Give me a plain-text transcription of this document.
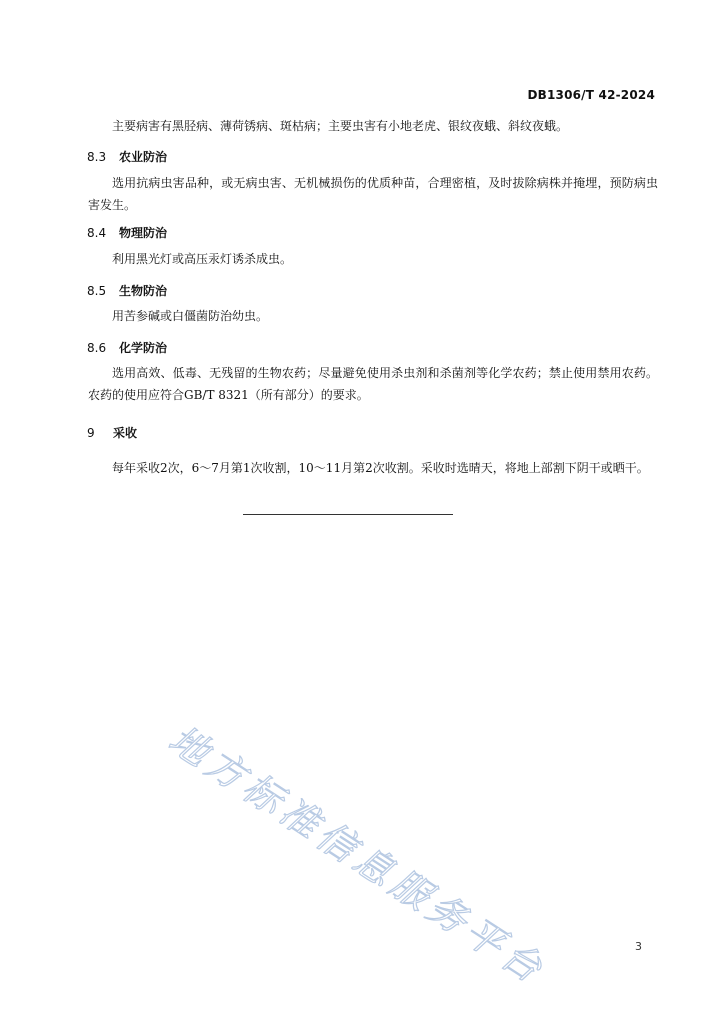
DB1306/T 42-2024

主要病害有黑胫病、薄荷锈病、斑枯病；主要虫害有小地老虎、银纹夜蛾、斜纹夜蛾。

8.3 农业防治

选用抗病虫害品种，或无病虫害、无机械损伤的优质种苗，合理密植，及时拔除病株并掩埋，预防病虫害发生。

8.4 物理防治

利用黑光灯或高压汞灯诱杀成虫。

8.5 生物防治

用苦参碱或白僵菌防治幼虫。

8.6 化学防治

选用高效、低毒、无残留的生物农药；尽量避免使用杀虫剂和杀菌剂等化学农药；禁止使用禁用农药。农药的使用应符合GB/T 8321（所有部分）的要求。

9 采收

每年采收2次，6～7月第1次收割，10～11月第2次收割。采收时选晴天，将地上部割下阴干或晒干。

地方标准信息服务平台	3
